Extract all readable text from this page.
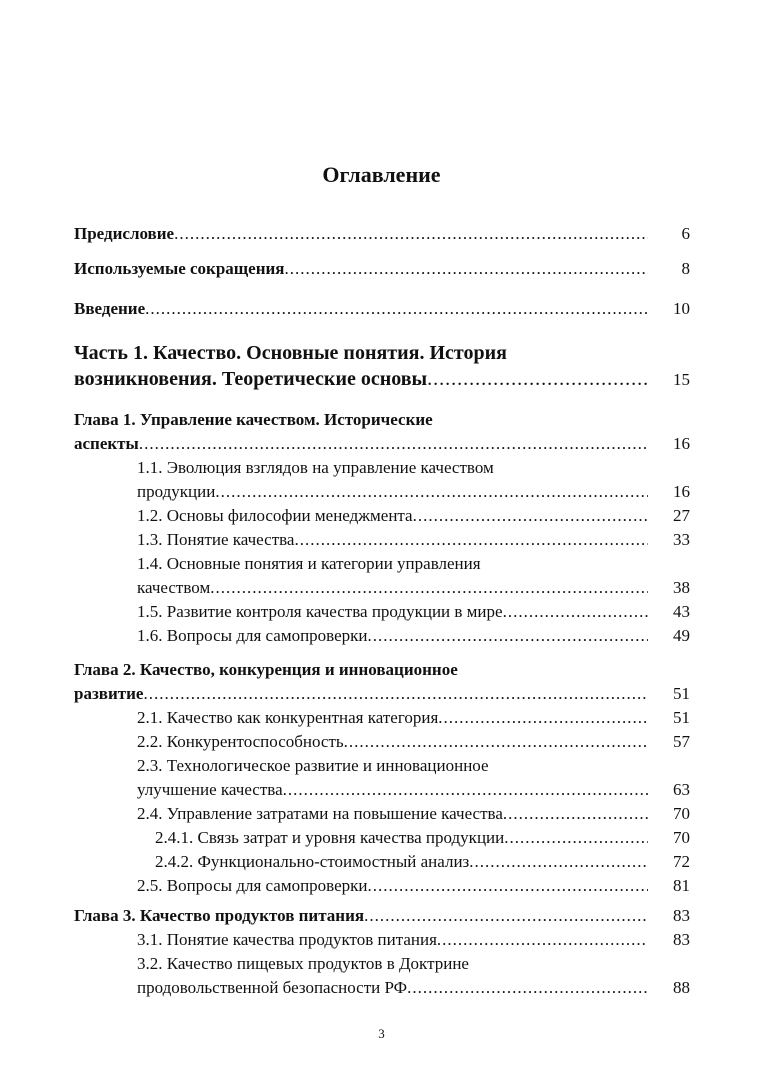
Оглавление
Предисловие .....	6
Используемые сокращения .....	8
Введение .....	10
Часть 1. Качество. Основные понятия. История
возникновения. Теоретические основы .....	15
Глава 1. Управление качеством. Исторические
аспекты .....	16
1.1. Эволюция взглядов на управление качеством
продукции .....	16
1.2. Основы философии менеджмента .....	27
1.3. Понятие качества .....	33
1.4. Основные понятия и категории управления
качеством .....	38
1.5. Развитие контроля качества продукции в мире .....	43
1.6. Вопросы для самопроверки .....	49
Глава 2. Качество, конкуренция и инновационное
развитие .....	51
2.1. Качество как конкурентная категория .....	51
2.2. Конкурентоспособность .....	57
2.3. Технологическое развитие и инновационное
улучшение качества .....	63
2.4. Управление затратами на повышение качества .....	70
2.4.1. Связь затрат и уровня качества продукции .....	70
2.4.2. Функционально-стоимостный анализ .....	72
2.5. Вопросы для самопроверки .....	81
Глава 3. Качество продуктов питания .....	83
3.1. Понятие качества продуктов питания .....	83
3.2. Качество пищевых продуктов в Доктрине
продовольственной безопасности РФ .....	88
3
